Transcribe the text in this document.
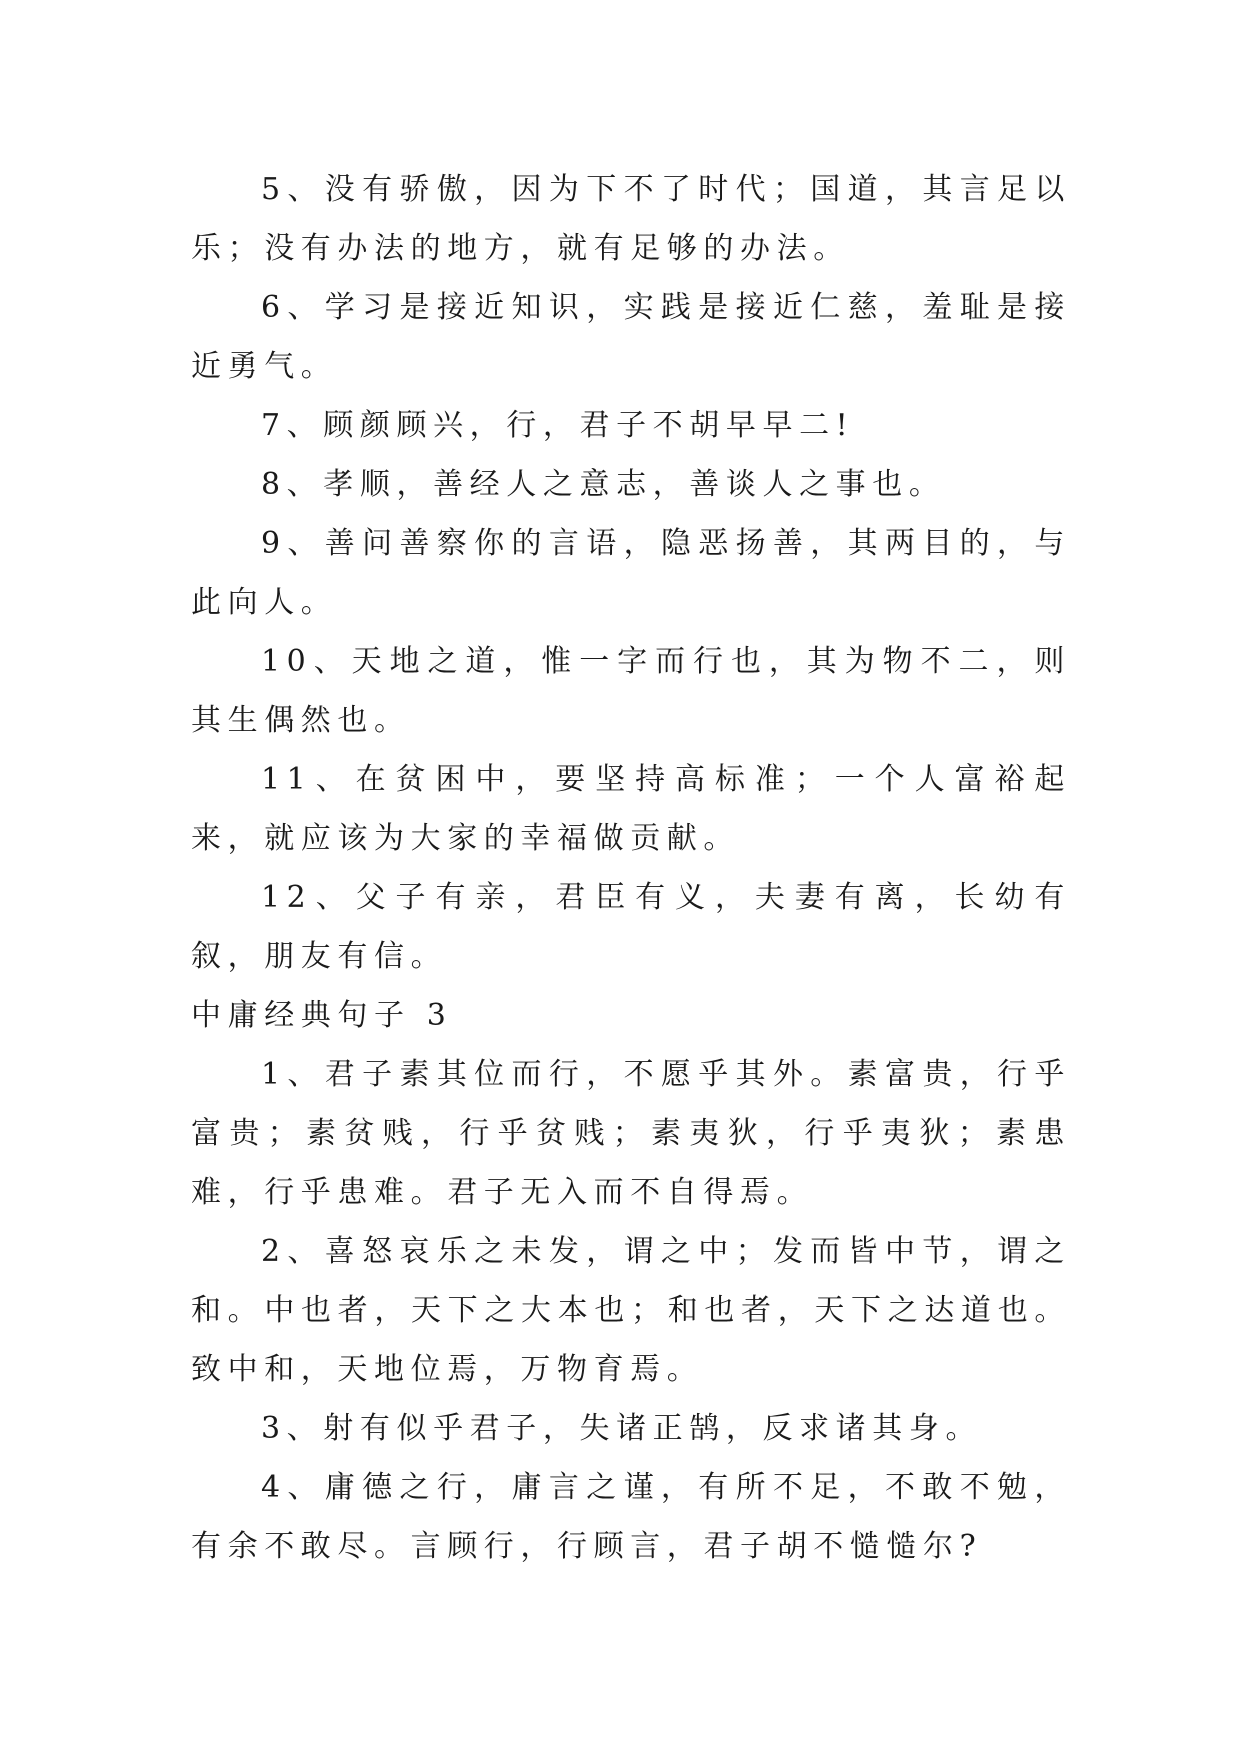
5、没有骄傲，因为下不了时代；国道，其言足以乐；没有办法的地方，就有足够的办法。

6、学习是接近知识，实践是接近仁慈，羞耻是接近勇气。

7、顾颜顾兴，行，君子不胡早早二!

8、孝顺，善经人之意志，善谈人之事也。

9、善问善察你的言语，隐恶扬善，其两目的，与此向人。

10、天地之道，惟一字而行也，其为物不二，则其生偶然也。

11、在贫困中，要坚持高标准；一个人富裕起来，就应该为大家的幸福做贡献。

12、父子有亲，君臣有义，夫妻有离，长幼有叙，朋友有信。

中庸经典句子 3

1、君子素其位而行，不愿乎其外。素富贵，行乎富贵；素贫贱，行乎贫贱；素夷狄，行乎夷狄；素患难，行乎患难。君子无入而不自得焉。

2、喜怒哀乐之未发，谓之中；发而皆中节，谓之和。中也者，天下之大本也；和也者，天下之达道也。致中和，天地位焉，万物育焉。

3、射有似乎君子，失诸正鹄，反求诸其身。

4、庸德之行，庸言之谨，有所不足，不敢不勉，有余不敢尽。言顾行，行顾言，君子胡不慥慥尔?
